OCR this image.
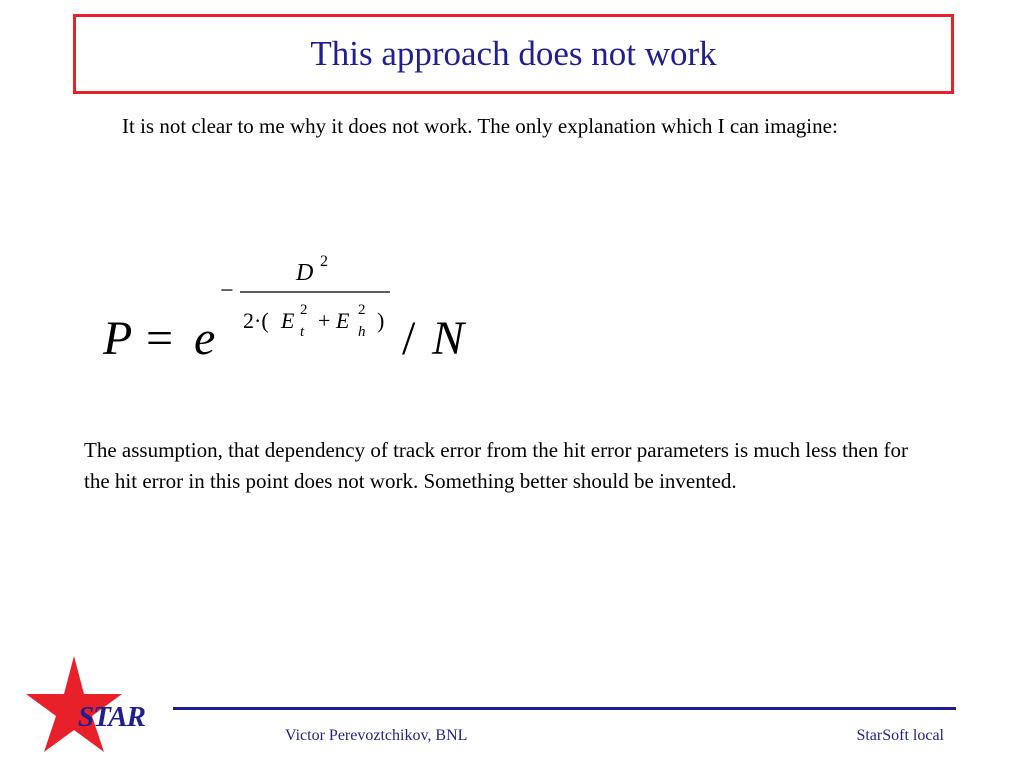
This approach does not work
It is not clear to me why it does not work. The only explanation which I can imagine:
P = e
−
D 2
2·( E 2
t + E 2
h ) / N
The assumption, that dependency of track error from the hit error parameters is much less then for the hit error in this point does not work. Something better should be invented.
STAR
Victor Perevoztchikov, BNL	StarSoft local
